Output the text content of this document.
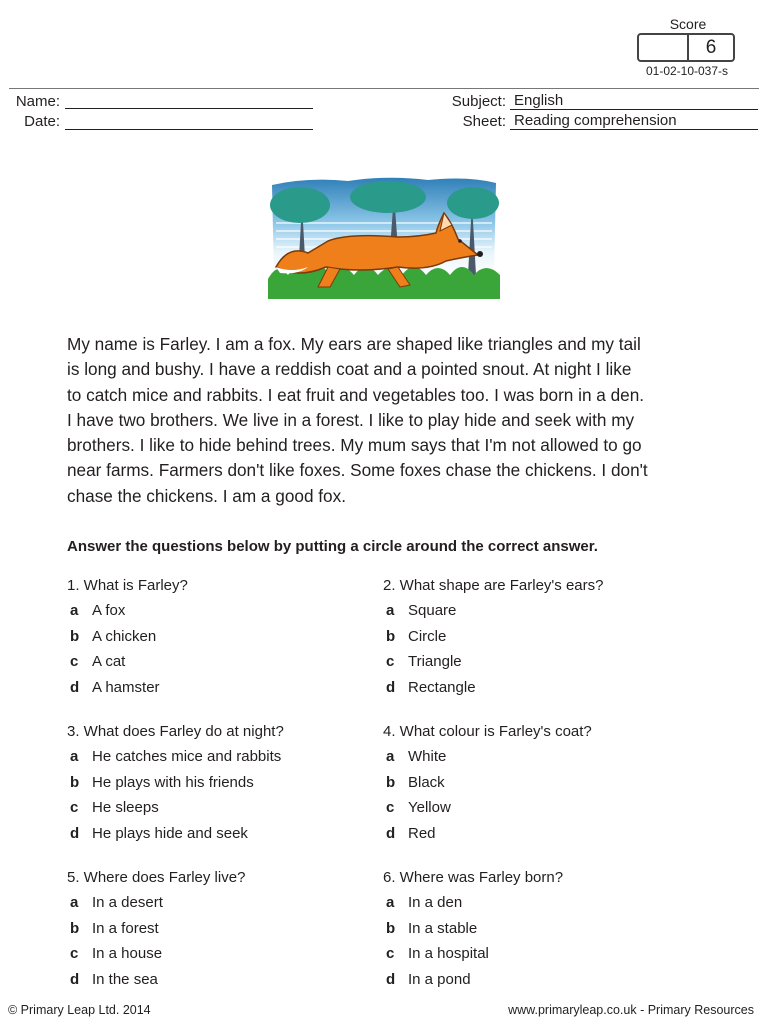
Score
6
01-02-10-037-s
Name:
Date:
Subject: English
Sheet: Reading comprehension
My name is Farley. I am a fox. My ears are shaped like triangles and my tail
is long and bushy. I have a reddish coat and a pointed snout. At night I like
to catch mice and rabbits. I eat fruit and vegetables too. I was born in a den.
I have two brothers. We live in a forest. I like to play hide and seek with my
brothers. I like to hide behind trees. My mum says that I'm not allowed to go
near farms. Farmers don't like foxes. Some foxes chase the chickens. I don't
chase the chickens. I am a good fox.
Answer the questions below by putting a circle around the correct answer.
1. What is Farley?
a A fox
b A chicken
c A cat
d A hamster
2. What shape are Farley's ears?
a Square
b Circle
c Triangle
d Rectangle
3. What does Farley do at night?
a He catches mice and rabbits
b He plays with his friends
c He sleeps
d He plays hide and seek
4. What colour is Farley's coat?
a White
b Black
c Yellow
d Red
5. Where does Farley live?
a In a desert
b In a forest
c In a house
d In the sea
6. Where was Farley born?
a In a den
b In a stable
c In a hospital
d In a pond
© Primary Leap Ltd. 2014	www.primaryleap.co.uk - Primary Resources
